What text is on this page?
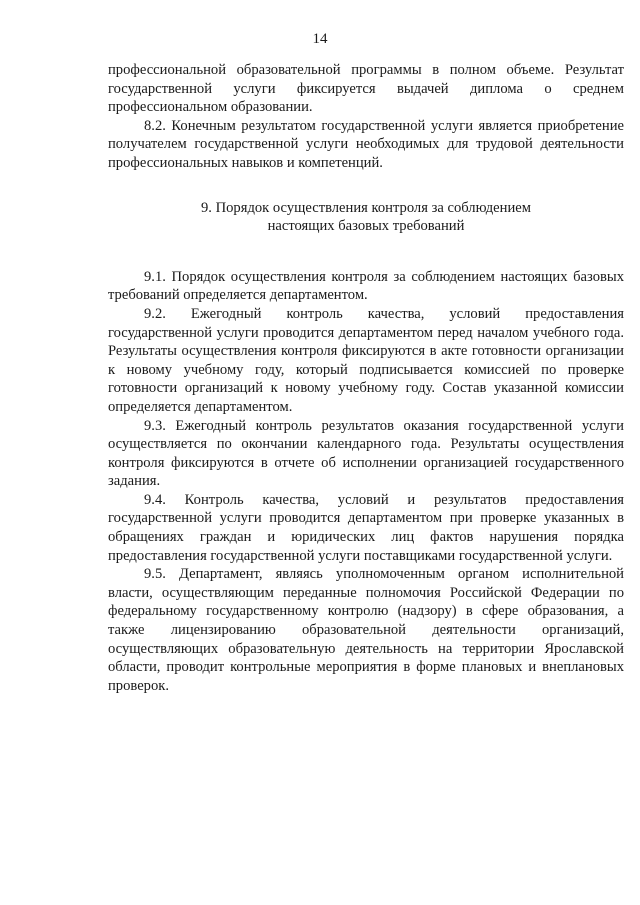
14

профессиональной образовательной программы в полном объеме. Результат государственной услуги фиксируется выдачей диплома о среднем профессиональном образовании.

8.2. Конечным результатом государственной услуги является приобретение получателем государственной услуги необходимых для трудовой деятельности профессиональных навыков и компетенций.

9. Порядок осуществления контроля за соблюдением
настоящих базовых требований

9.1. Порядок осуществления контроля за соблюдением настоящих базовых требований определяется департаментом.

9.2. Ежегодный контроль качества, условий предоставления государственной услуги проводится департаментом перед началом учебного года. Результаты осуществления контроля фиксируются в акте готовности организации к новому учебному году, который подписывается комиссией по проверке готовности организаций к новому учебному году. Состав указанной комиссии определяется департаментом.

9.3. Ежегодный контроль результатов оказания государственной услуги осуществляется по окончании календарного года. Результаты осуществления контроля фиксируются в отчете об исполнении организацией государственного задания.

9.4. Контроль качества, условий и результатов предоставления государственной услуги проводится департаментом при проверке указанных в обращениях граждан и юридических лиц фактов нарушения порядка предоставления государственной услуги поставщиками государственной услуги.

9.5. Департамент, являясь уполномоченным органом исполнительной власти, осуществляющим переданные полномочия Российской Федерации по федеральному государственному контролю (надзору) в сфере образования, а также лицензированию образовательной деятельности организаций, осуществляющих образовательную деятельность на территории Ярославской области, проводит контрольные мероприятия в форме плановых и внеплановых проверок.
